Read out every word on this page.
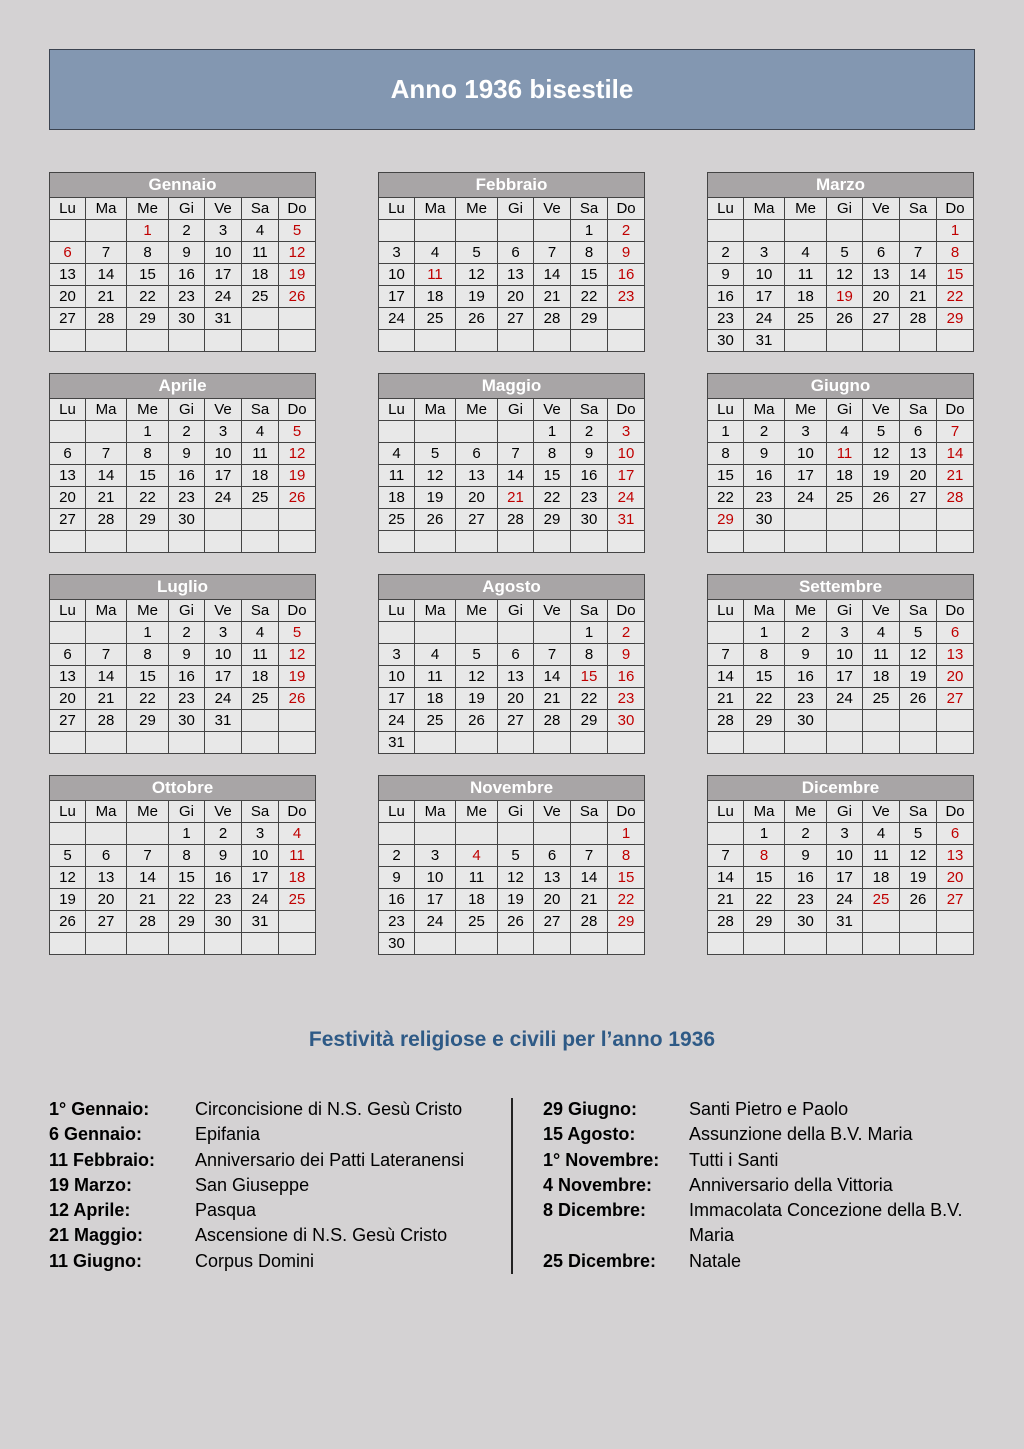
Anno 1936 bisestile
Gennaio						
Lu	Ma	Me	Gi	Ve	Sa	Do
		1	2	3	4	5
6	7	8	9	10	11	12
13	14	15	16	17	18	19
20	21	22	23	24	25	26
27	28	29	30	31		

Febbraio						
Lu	Ma	Me	Gi	Ve	Sa	Do
					1	2
3	4	5	6	7	8	9
10	11	12	13	14	15	16
17	18	19	20	21	22	23
24	25	26	27	28	29	

Marzo						
Lu	Ma	Me	Gi	Ve	Sa	Do
						1
2	3	4	5	6	7	8
9	10	11	12	13	14	15
16	17	18	19	20	21	22
23	24	25	26	27	28	29
30	31					
Aprile						
Lu	Ma	Me	Gi	Ve	Sa	Do
		1	2	3	4	5
6	7	8	9	10	11	12
13	14	15	16	17	18	19
20	21	22	23	24	25	26
27	28	29	30			

Maggio						
Lu	Ma	Me	Gi	Ve	Sa	Do
				1	2	3
4	5	6	7	8	9	10
11	12	13	14	15	16	17
18	19	20	21	22	23	24
25	26	27	28	29	30	31

Giugno						
Lu	Ma	Me	Gi	Ve	Sa	Do
1	2	3	4	5	6	7
8	9	10	11	12	13	14
15	16	17	18	19	20	21
22	23	24	25	26	27	28
29	30					

Luglio						
Lu	Ma	Me	Gi	Ve	Sa	Do
		1	2	3	4	5
6	7	8	9	10	11	12
13	14	15	16	17	18	19
20	21	22	23	24	25	26
27	28	29	30	31		

Agosto						
Lu	Ma	Me	Gi	Ve	Sa	Do
					1	2
3	4	5	6	7	8	9
10	11	12	13	14	15	16
17	18	19	20	21	22	23
24	25	26	27	28	29	30
31						
Settembre						
Lu	Ma	Me	Gi	Ve	Sa	Do
	1	2	3	4	5	6
7	8	9	10	11	12	13
14	15	16	17	18	19	20
21	22	23	24	25	26	27
28	29	30				

Ottobre						
Lu	Ma	Me	Gi	Ve	Sa	Do
			1	2	3	4
5	6	7	8	9	10	11
12	13	14	15	16	17	18
19	20	21	22	23	24	25
26	27	28	29	30	31	

Novembre						
Lu	Ma	Me	Gi	Ve	Sa	Do
						1
2	3	4	5	6	7	8
9	10	11	12	13	14	15
16	17	18	19	20	21	22
23	24	25	26	27	28	29
30						
Dicembre						
Lu	Ma	Me	Gi	Ve	Sa	Do
	1	2	3	4	5	6
7	8	9	10	11	12	13
14	15	16	17	18	19	20
21	22	23	24	25	26	27
28	29	30	31			

Festività religiose e civili per l’anno 1936
1° Gennaio:	Circoncisione di N.S. Gesù Cristo
6 Gennaio:	Epifania
11 Febbraio:	Anniversario dei Patti Lateranensi
19 Marzo:	San Giuseppe
12 Aprile:	Pasqua
21 Maggio:	Ascensione di N.S. Gesù Cristo
11 Giugno:	Corpus Domini
29 Giugno:	Santi Pietro e Paolo
15 Agosto:	Assunzione della B.V. Maria
1° Novembre:	Tutti i Santi
4 Novembre:	Anniversario della Vittoria
8 Dicembre:	Immacolata Concezione della B.V. Maria
25 Dicembre:	Natale
